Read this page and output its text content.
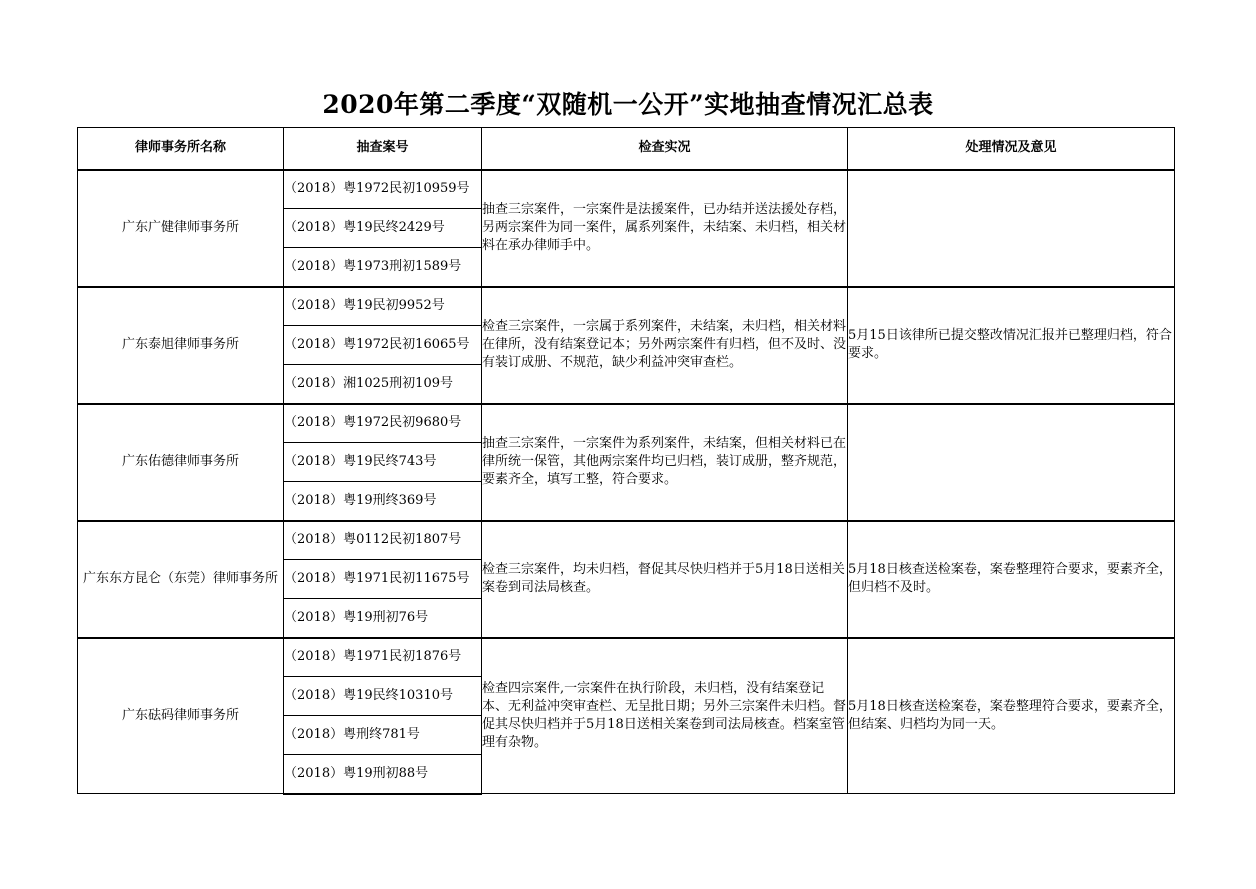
2020年第二季度“双随机一公开”实地抽查情况汇总表
律师事务所名称	抽查案号	检查实况	处理情况及意见
广东广健律师事务所	（2018）粤1972民初10959号	抽查三宗案件，一宗案件是法援案件，已办结并送法援处存档，另两宗案件为同一案件，属系列案件，未结案、未归档，相关材料在承办律师手中。	
	（2018）粤19民终2429号		
	（2018）粤1973刑初1589号		
广东泰旭律师事务所	（2018）粤19民初9952号	检查三宗案件，一宗属于系列案件，未结案，未归档，相关材料在律所，没有结案登记本；另外两宗案件有归档，但不及时、没有装订成册、不规范，缺少利益冲突审查栏。	5月15日该律所已提交整改情况汇报并已整理归档，符合要求。
	（2018）粤1972民初16065号		
	（2018）湘1025刑初109号		
广东佑德律师事务所	（2018）粤1972民初9680号	抽查三宗案件，一宗案件为系列案件，未结案，但相关材料已在律所统一保管，其他两宗案件均已归档，装订成册，整齐规范，要素齐全，填写工整，符合要求。	
	（2018）粤19民终743号		
	（2018）粤19刑终369号		
广东东方昆仑（东莞）律师事务所	（2018）粤0112民初1807号	检查三宗案件，均未归档，督促其尽快归档并于5月18日送相关案卷到司法局核查。	5月18日核查送检案卷，案卷整理符合要求，要素齐全，但归档不及时。
	（2018）粤1971民初11675号		
	（2018）粤19刑初76号		
广东砝码律师事务所	（2018）粤1971民初1876号	检查四宗案件,一宗案件在执行阶段，未归档，没有结案登记本、无利益冲突审查栏、无呈批日期；另外三宗案件未归档。督促其尽快归档并于5月18日送相关案卷到司法局核查。档案室管理有杂物。	5月18日核查送检案卷，案卷整理符合要求，要素齐全，但结案、归档均为同一天。
	（2018）粤19民终10310号		
	（2018）粤刑终781号		
	（2018）粤19刑初88号		
